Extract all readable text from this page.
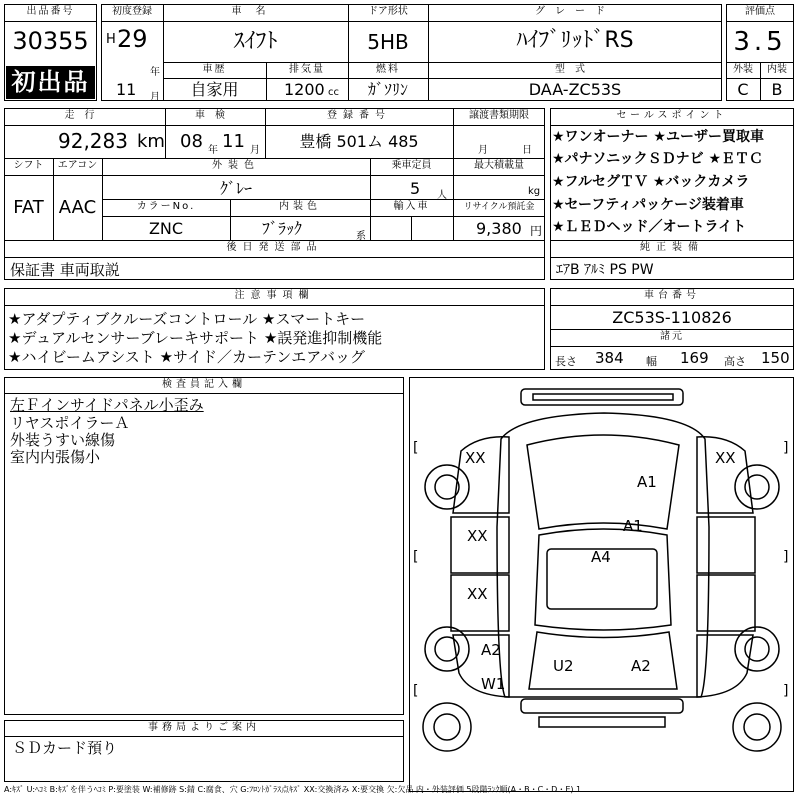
出品番号
30355
初出品
初度登録
H 29
年
11 月
車名
ｽｲﾌﾄ
ドア形状
5HB
グレード
ﾊｲﾌﾞﾘｯﾄﾞRS
車歴
自家用
排気量
1200 cc
燃料
ｶﾞｿﾘﾝ
型式
DAA-ZC53S
評価点
3.5
外装	内装
C	B
走行
92,283 km
車検
08 年 11 月
登録番号
豊橋 501ム 485
譲渡書類期限
月	日
シフト
FAT
エアコン
AAC
外装色
ｸﾞﾚｰ
乗車定員
5 人
最大積載量
kg
カラーNo.
ZNC
内装色
ﾌﾞﾗｯｸ	系
輸入車	リサイクル預託金
9,380 円
後日発送部品
保証書 車両取説
セールスポイント
★ワンオーナー ★ユーザー買取車
★パナソニックＳＤナビ ★ＥＴＣ
★フルセグＴＶ ★バックカメラ
★セーフティパッケージ装着車
★ＬＥＤヘッド／オートライト
純正装備
ｴｱB ｱﾙﾐ PS PW
注意事項欄
★アダプティブクルーズコントロール ★スマートキー
★デュアルセンサーブレーキサポート ★誤発進抑制機能
★ハイビームアシスト ★サイド／カーテンエアバッグ
車台番号
ZC53S-110826
諸元
長さ 384 幅 169 高さ 150
検査員記入欄
左Ｆインサイドパネル小歪み
リヤスポイラーＡ
外装うすい線傷
室内内張傷小	[	]
[	]
[	]
XX	XX
A1
A1
XX
A4
XX
A2
U2	A2
W1
事務局よりご案内
ＳＤカード預り
A:ｷｽﾞ U:ﾍｺﾐ B:ｷｽﾞを伴うﾍｺﾐ P:要塗装 W:補修跡 S:錆 C:腐食、穴 G:ﾌﾛﾝﾄｶﾞﾗｽ点ｷｽﾞ XX:交換済み X:要交換 欠:欠品 内・外装評価 5段階ﾗﾝｸ順(A・B・C・D・E) 1
